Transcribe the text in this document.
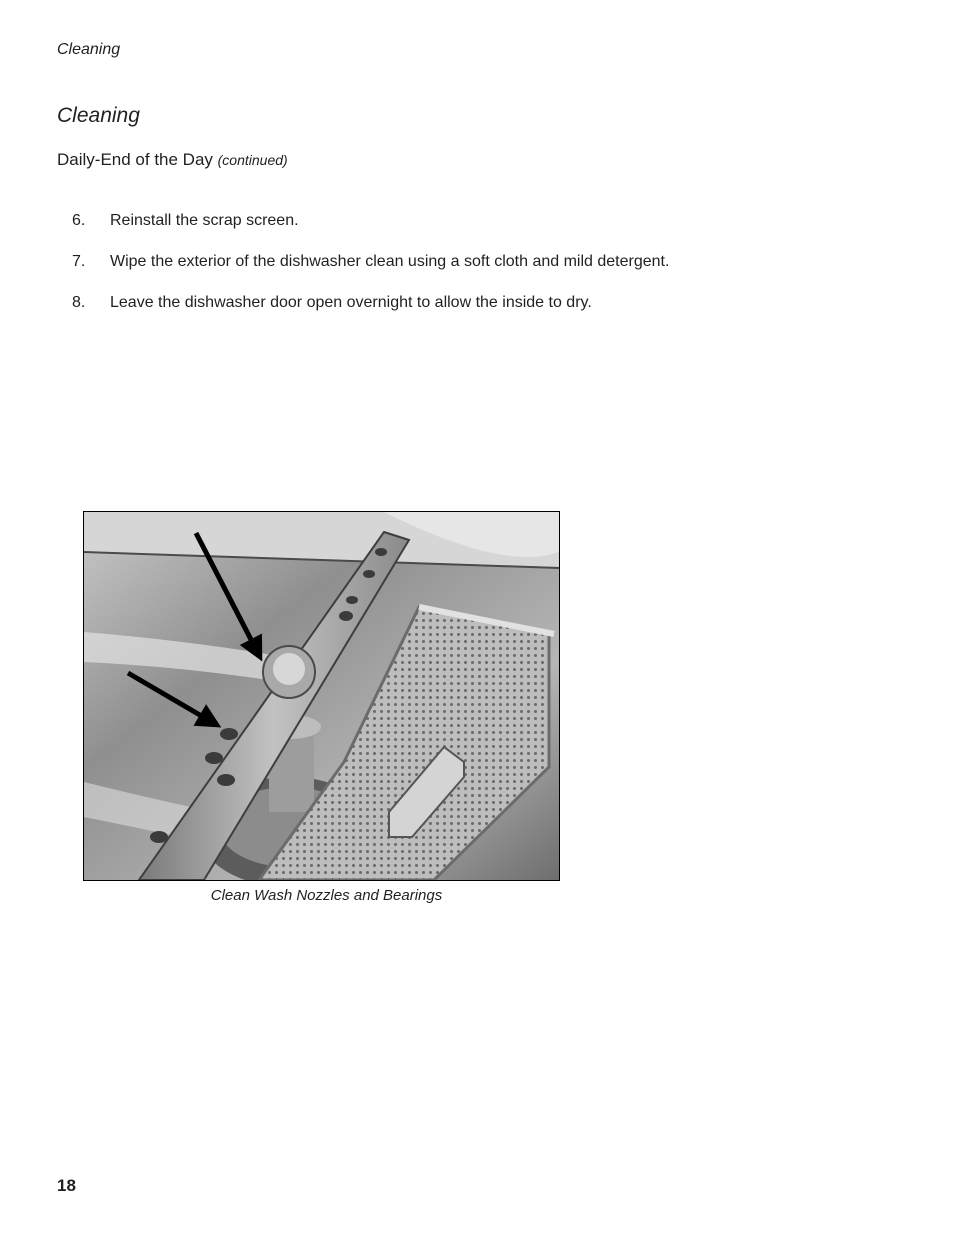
Cleaning
Cleaning
Daily-End of the Day (continued)
6. Reinstall the scrap screen.
7. Wipe the exterior of the dishwasher clean using a soft cloth and mild detergent.
8. Leave the dishwasher door open overnight to allow the inside to dry.
Clean Wash Nozzles and Bearings
18
